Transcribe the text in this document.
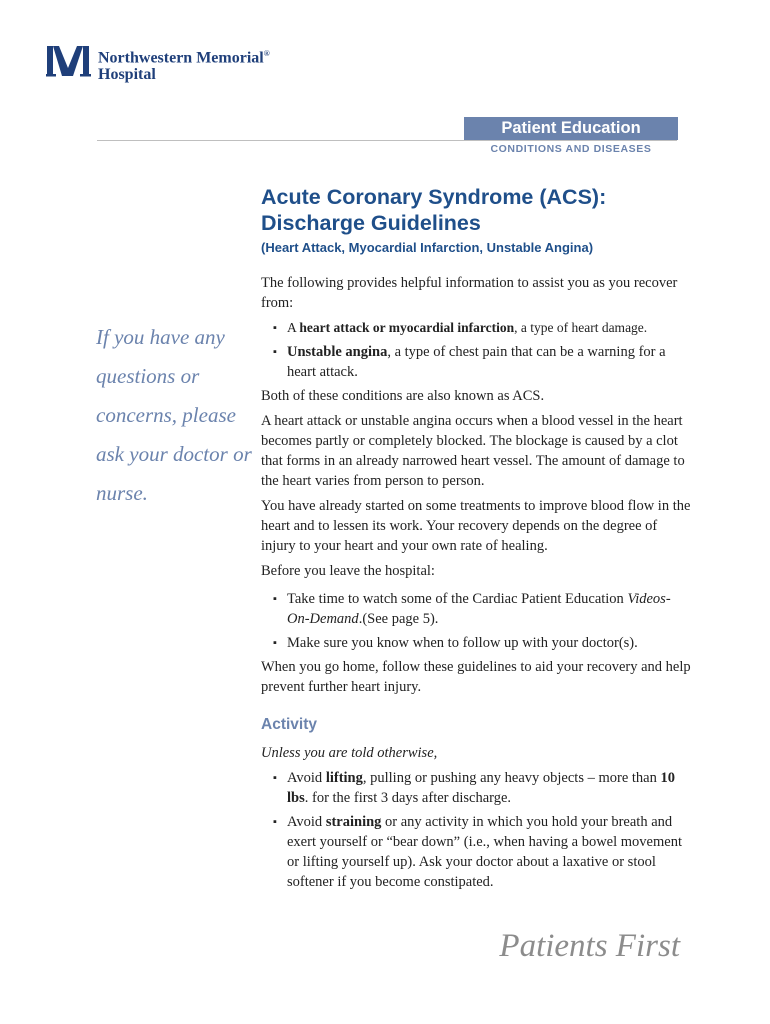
Northwestern Memorial®
Hospital
Patient Education
CONDITIONS AND DISEASES
Acute Coronary Syndrome (ACS):
Discharge Guidelines
(Heart Attack, Myocardial Infarction, Unstable Angina)
If you have any questions or concerns, please ask your doctor or nurse.

The following provides helpful information to assist you as you recover from:

▪ A heart attack or myocardial infarction, a type of heart damage.
▪ Unstable angina, a type of chest pain that can be a warning for a heart attack.

Both of these conditions are also known as ACS.

A heart attack or unstable angina occurs when a blood vessel in the heart becomes partly or completely blocked. The blockage is caused by a clot that forms in an already narrowed heart vessel. The amount of damage to the heart varies from person to person.

You have already started on some treatments to improve blood flow in the heart and to lessen its work. Your recovery depends on the degree of injury to your heart and your own rate of healing.

Before you leave the hospital:

▪ Take time to watch some of the Cardiac Patient Education Videos-On-Demand.(See page 5).
▪ Make sure you know when to follow up with your doctor(s).

When you go home, follow these guidelines to aid your recovery and help prevent further heart injury.

Activity

Unless you are told otherwise,

▪ Avoid lifting, pulling or pushing any heavy objects – more than 10 lbs. for the first 3 days after discharge.
▪ Avoid straining or any activity in which you hold your breath and exert yourself or “bear down” (i.e., when having a bowel movement or lifting yourself up). Ask your doctor about a laxative or stool softener if you become constipated.
Patients First
